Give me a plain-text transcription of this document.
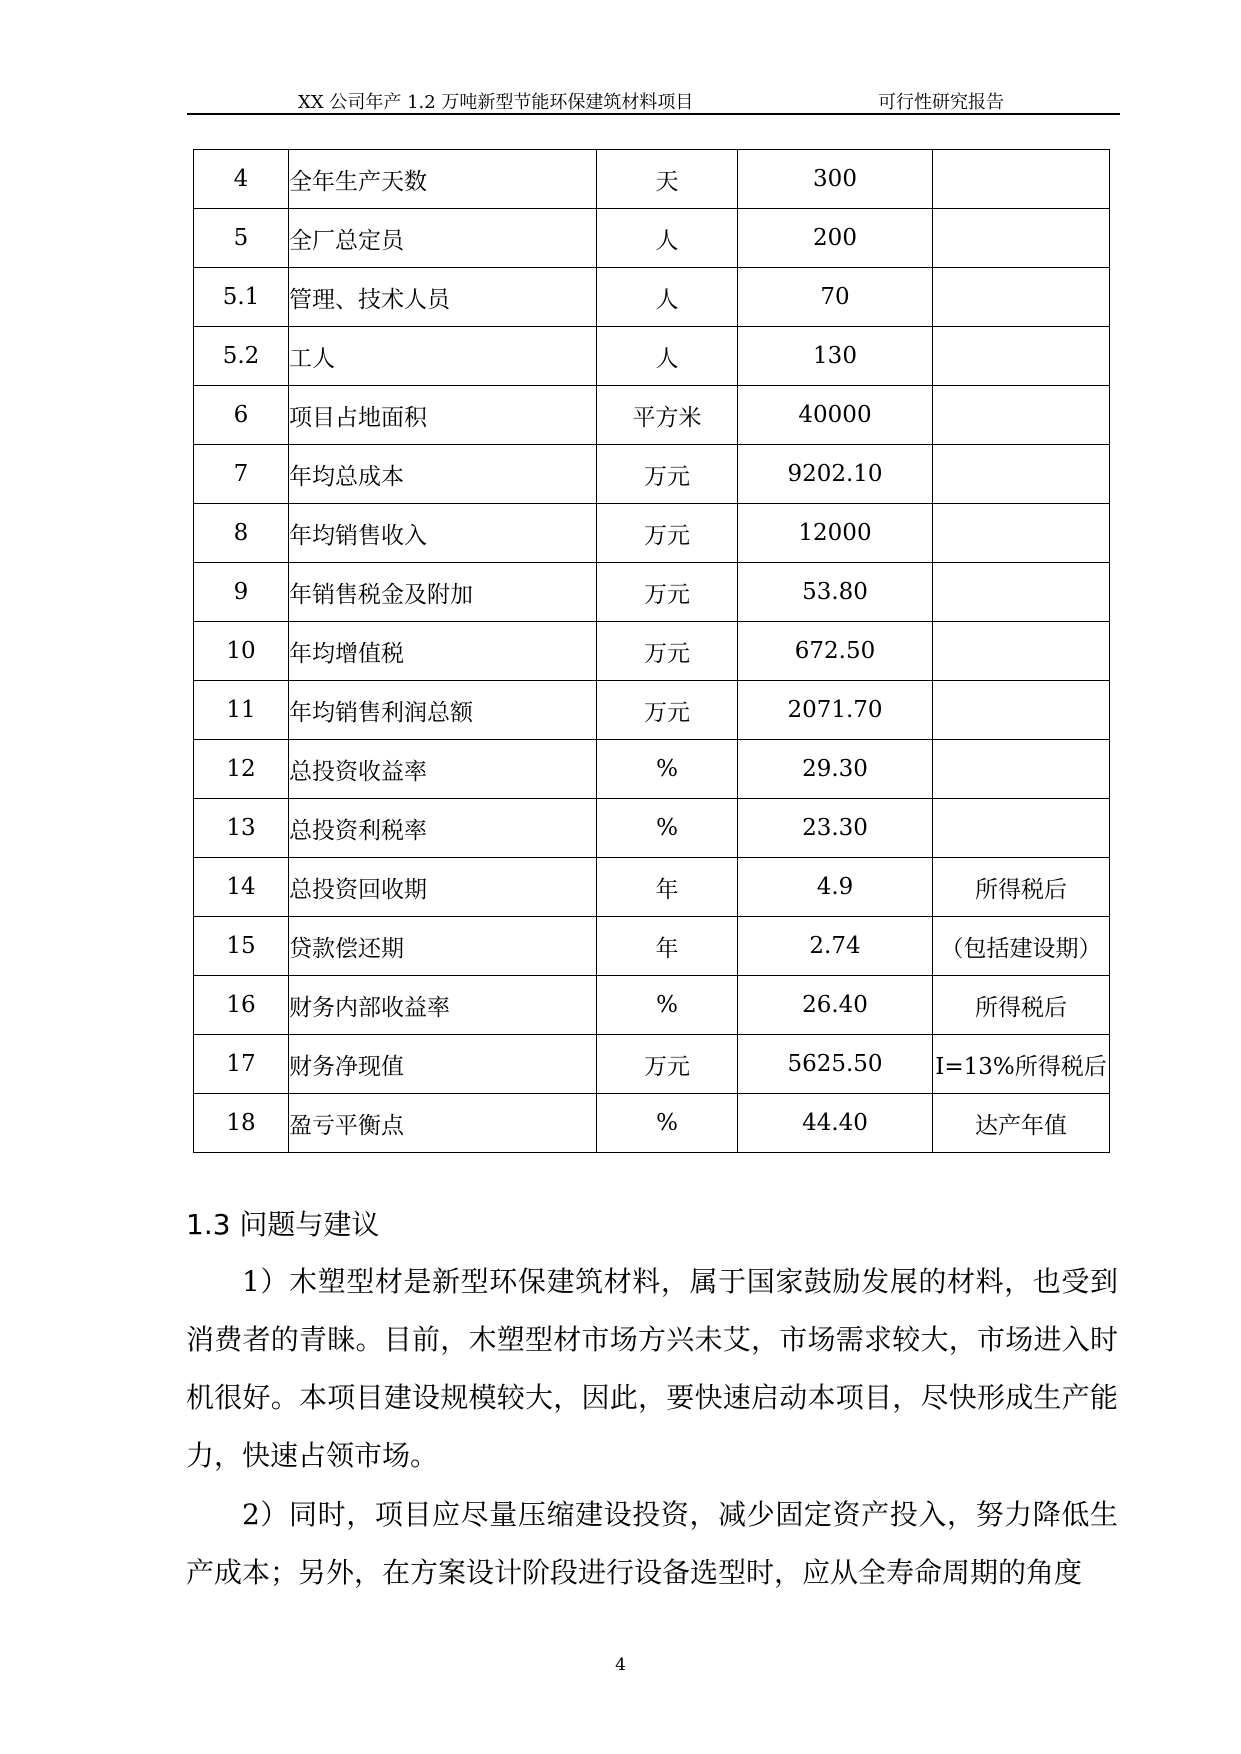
XX 公司年产 1.2 万吨新型节能环保建筑材料项目	可行性研究报告
4	全年生产天数	天	300	
5	全厂总定员	人	200	
5.1	管理、技术人员	人	70	
5.2	工人	人	130	
6	项目占地面积	平方米	40000	
7	年均总成本	万元	9202.10	
8	年均销售收入	万元	12000	
9	年销售税金及附加	万元	53.80	
10	年均增值税	万元	672.50	
11	年均销售利润总额	万元	2071.70	
12	总投资收益率	%	29.30	
13	总投资利税率	%	23.30	
14	总投资回收期	年	4.9	所得税后
15	贷款偿还期	年	2.74	（包括建设期）
16	财务内部收益率	%	26.40	所得税后
17	财务净现值	万元	5625.50	I=13%所得税后
18	盈亏平衡点	%	44.40	达产年值
1.3 问题与建议

1）木塑型材是新型环保建筑材料，属于国家鼓励发展的材料，也受到消费者的青睐。目前，木塑型材市场方兴未艾，市场需求较大，市场进入时机很好。本项目建设规模较大，因此，要快速启动本项目，尽快形成生产能力，快速占领市场。

2）同时，项目应尽量压缩建设投资，减少固定资产投入，努力降低生产成本；另外，在方案设计阶段进行设备选型时，应从全寿命周期的角度

4
